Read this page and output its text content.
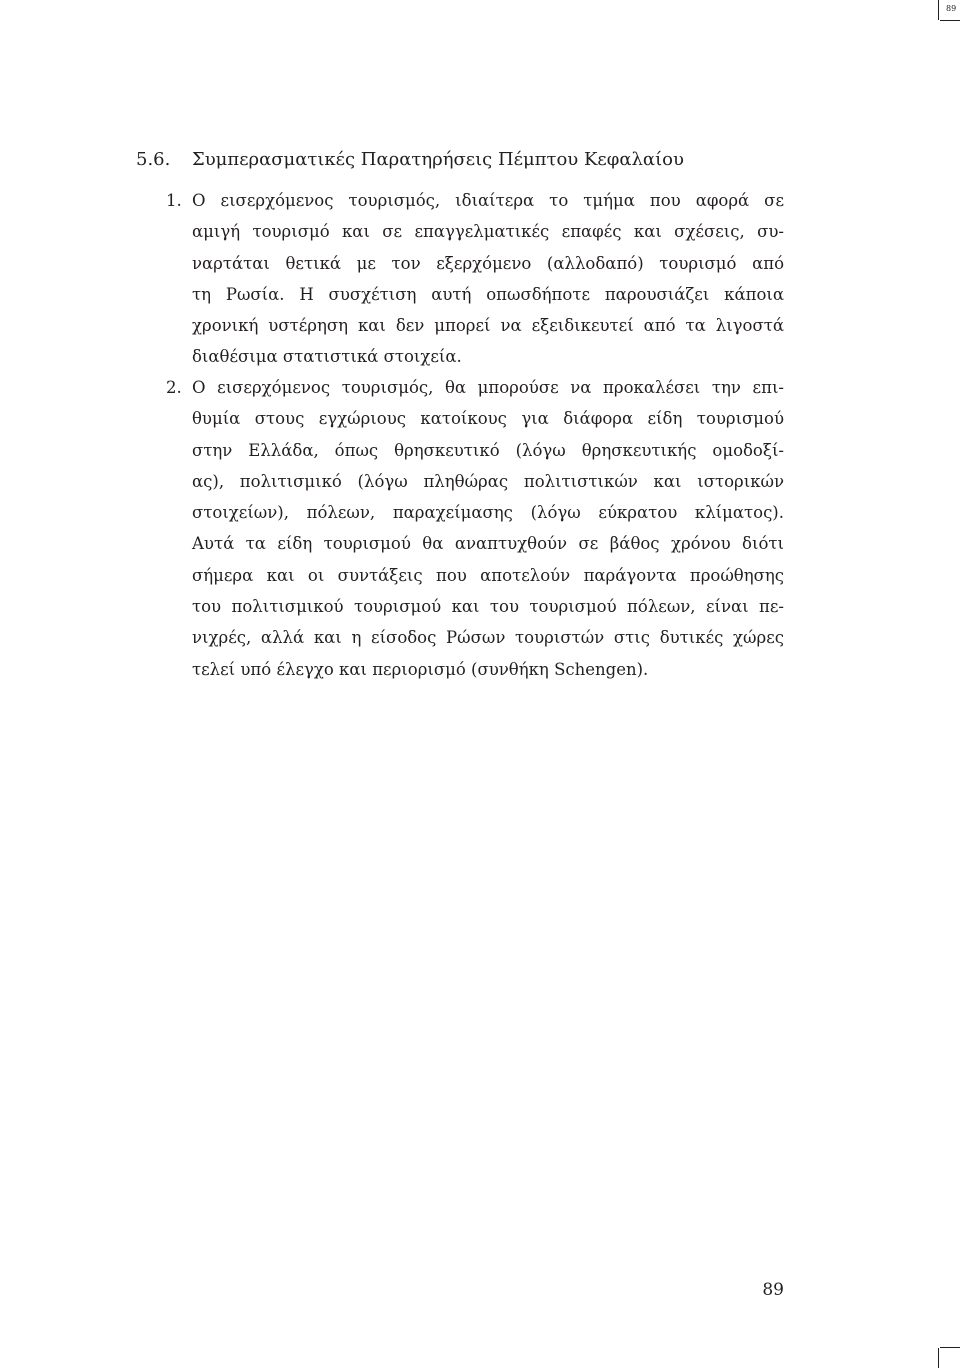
89
5.6. Συμπερασματικές Παρατηρήσεις Πέμπτου Κεφαλαίου
1. Ο εισερχόμενος τουρισμός, ιδιαίτερα το τμήμα που αφορά σε
αμιγή τουρισμό και σε επαγγελματικές επαφές και σχέσεις, συ-
ναρτάται θετικά με τον εξερχόμενο (αλλοδαπό) τουρισμό από
τη Ρωσία. Η συσχέτιση αυτή οπωσδήποτε παρουσιάζει κάποια
χρονική υστέρηση και δεν μπορεί να εξειδικευτεί από τα λιγοστά
διαθέσιμα στατιστικά στοιχεία.
2. Ο εισερχόμενος τουρισμός, θα μπορούσε να προκαλέσει την επι-
θυμία στους εγχώριους κατοίκους για διάφορα είδη τουρισμού
στην Ελλάδα, όπως θρησκευτικό (λόγω θρησκευτικής ομοδοξί-
ας), πολιτισμικό (λόγω πληθώρας πολιτιστικών και ιστορικών
στοιχείων), πόλεων, παραχείμασης (λόγω εύκρατου κλίματος).
Αυτά τα είδη τουρισμού θα αναπτυχθούν σε βάθος χρόνου διότι
σήμερα και οι συντάξεις που αποτελούν παράγοντα προώθησης
του πολιτισμικού τουρισμού και του τουρισμού πόλεων, είναι πε-
νιχρές, αλλά και η είσοδος Ρώσων τουριστών στις δυτικές χώρες
τελεί υπό έλεγχο και περιορισμό (συνθήκη Schengen).
89
